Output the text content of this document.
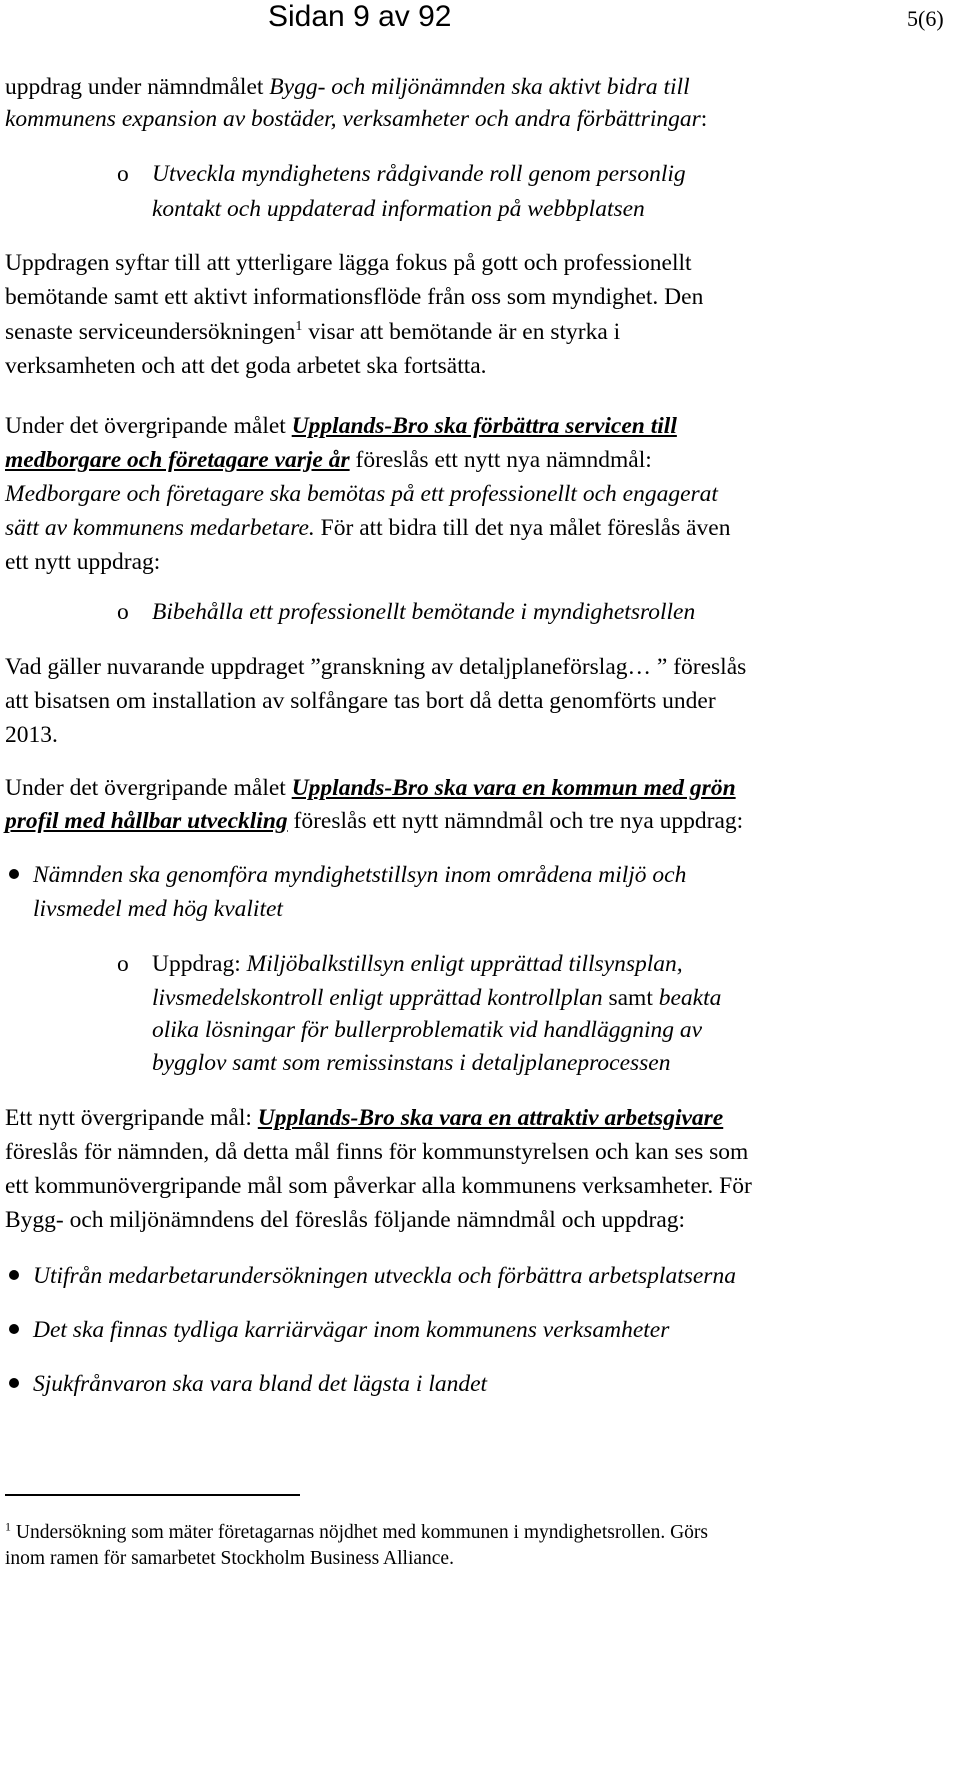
Sidan 9 av 92	5(6)
uppdrag under nämndmålet Bygg- och miljönämnden ska aktivt bidra till
kommunens expansion av bostäder, verksamheter och andra förbättringar:
o Utveckla myndighetens rådgivande roll genom personlig
kontakt och uppdaterad information på webbplatsen
Uppdragen syftar till att ytterligare lägga fokus på gott och professionellt
bemötande samt ett aktivt informationsflöde från oss som myndighet. Den
senaste serviceundersökningen$^1$ visar att bemötande är en styrka i
verksamheten och att det goda arbetet ska fortsätta.
Under det övergripande målet Upplands-Bro ska förbättra servicen till
medborgare och företagare varje år föreslås ett nytt nya nämndmål:
Medborgare och företagare ska bemötas på ett professionellt och engagerat
sätt av kommunens medarbetare. För att bidra till det nya målet föreslås även
ett nytt uppdrag:
o Bibehålla ett professionellt bemötande i myndighetsrollen
Vad gäller nuvarande uppdraget ”granskning av detaljplaneförslag… ” föreslås
att bisatsen om installation av solfångare tas bort då detta genomförts under
2013.
Under det övergripande målet Upplands-Bro ska vara en kommun med grön
profil med hållbar utveckling föreslås ett nytt nämndmål och tre nya uppdrag:
Nämnden ska genomföra myndighetstillsyn inom områdena miljö och
livsmedel med hög kvalitet
o Uppdrag: Miljöbalkstillsyn enligt upprättad tillsynsplan,
livsmedelskontroll enligt upprättad kontrollplan samt beakta
olika lösningar för bullerproblematik vid handläggning av
bygglov samt som remissinstans i detaljplaneprocessen
Ett nytt övergripande mål: Upplands-Bro ska vara en attraktiv arbetsgivare
föreslås för nämnden, då detta mål finns för kommunstyrelsen och kan ses som
ett kommunövergripande mål som påverkar alla kommunens verksamheter. För
Bygg- och miljönämndens del föreslås följande nämndmål och uppdrag:
Utifrån medarbetarundersökningen utveckla och förbättra arbetsplatserna
Det ska finnas tydliga karriärvägar inom kommunens verksamheter
Sjukfrånvaron ska vara bland det lägsta i landet
$^1$ Undersökning som mäter företagarnas nöjdhet med kommunen i myndighetsrollen. Görs
inom ramen för samarbetet Stockholm Business Alliance.
